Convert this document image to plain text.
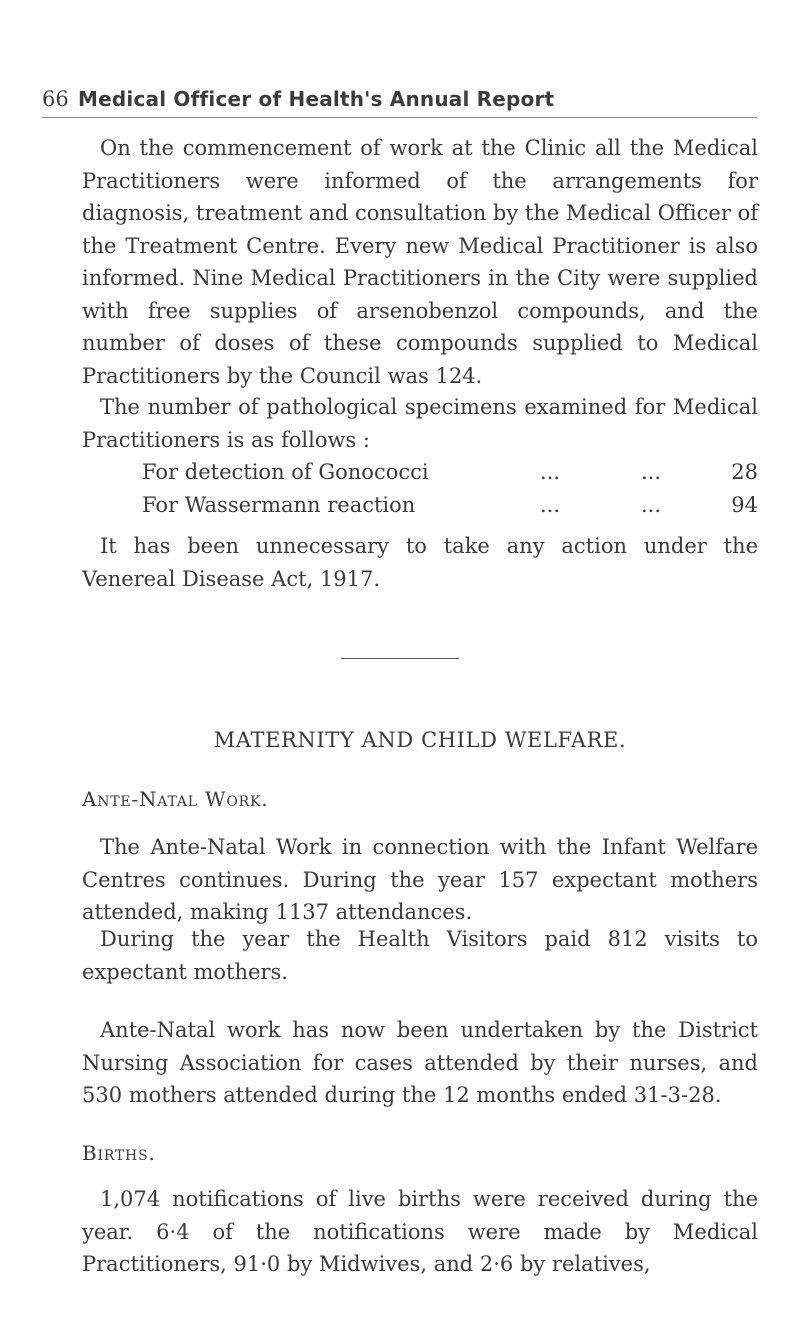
66 Medical Officer of Health's Annual Report

On the commencement of work at the Clinic all the Medical Practitioners were informed of the arrangements for diagnosis, treatment and consultation by the Medical Officer of the Treatment Centre. Every new Medical Practitioner is also informed. Nine Medical Practitioners in the City were supplied with free supplies of arsenobenzol compounds, and the number of doses of these compounds supplied to Medical Practitioners by the Council was 124.

The number of pathological specimens examined for Medical Practitioners is as follows :

For detection of Gonococci	...	...	28
For Wassermann reaction	...	...	94

It has been unnecessary to take any action under the Venereal Disease Act, 1917.

MATERNITY AND CHILD WELFARE.
Ante-Natal Work.

The Ante-Natal Work in connection with the Infant Welfare Centres continues. During the year 157 expectant mothers attended, making 1137 attendances.

During the year the Health Visitors paid 812 visits to expectant mothers.

Ante-Natal work has now been undertaken by the District Nursing Association for cases attended by their nurses, and 530 mothers attended during the 12 months ended 31-3-28.

Births.

1,074 notifications of live births were received during the year. 6·4 of the notifications were made by Medical Practitioners, 91·0 by Midwives, and 2·6 by relatives,
